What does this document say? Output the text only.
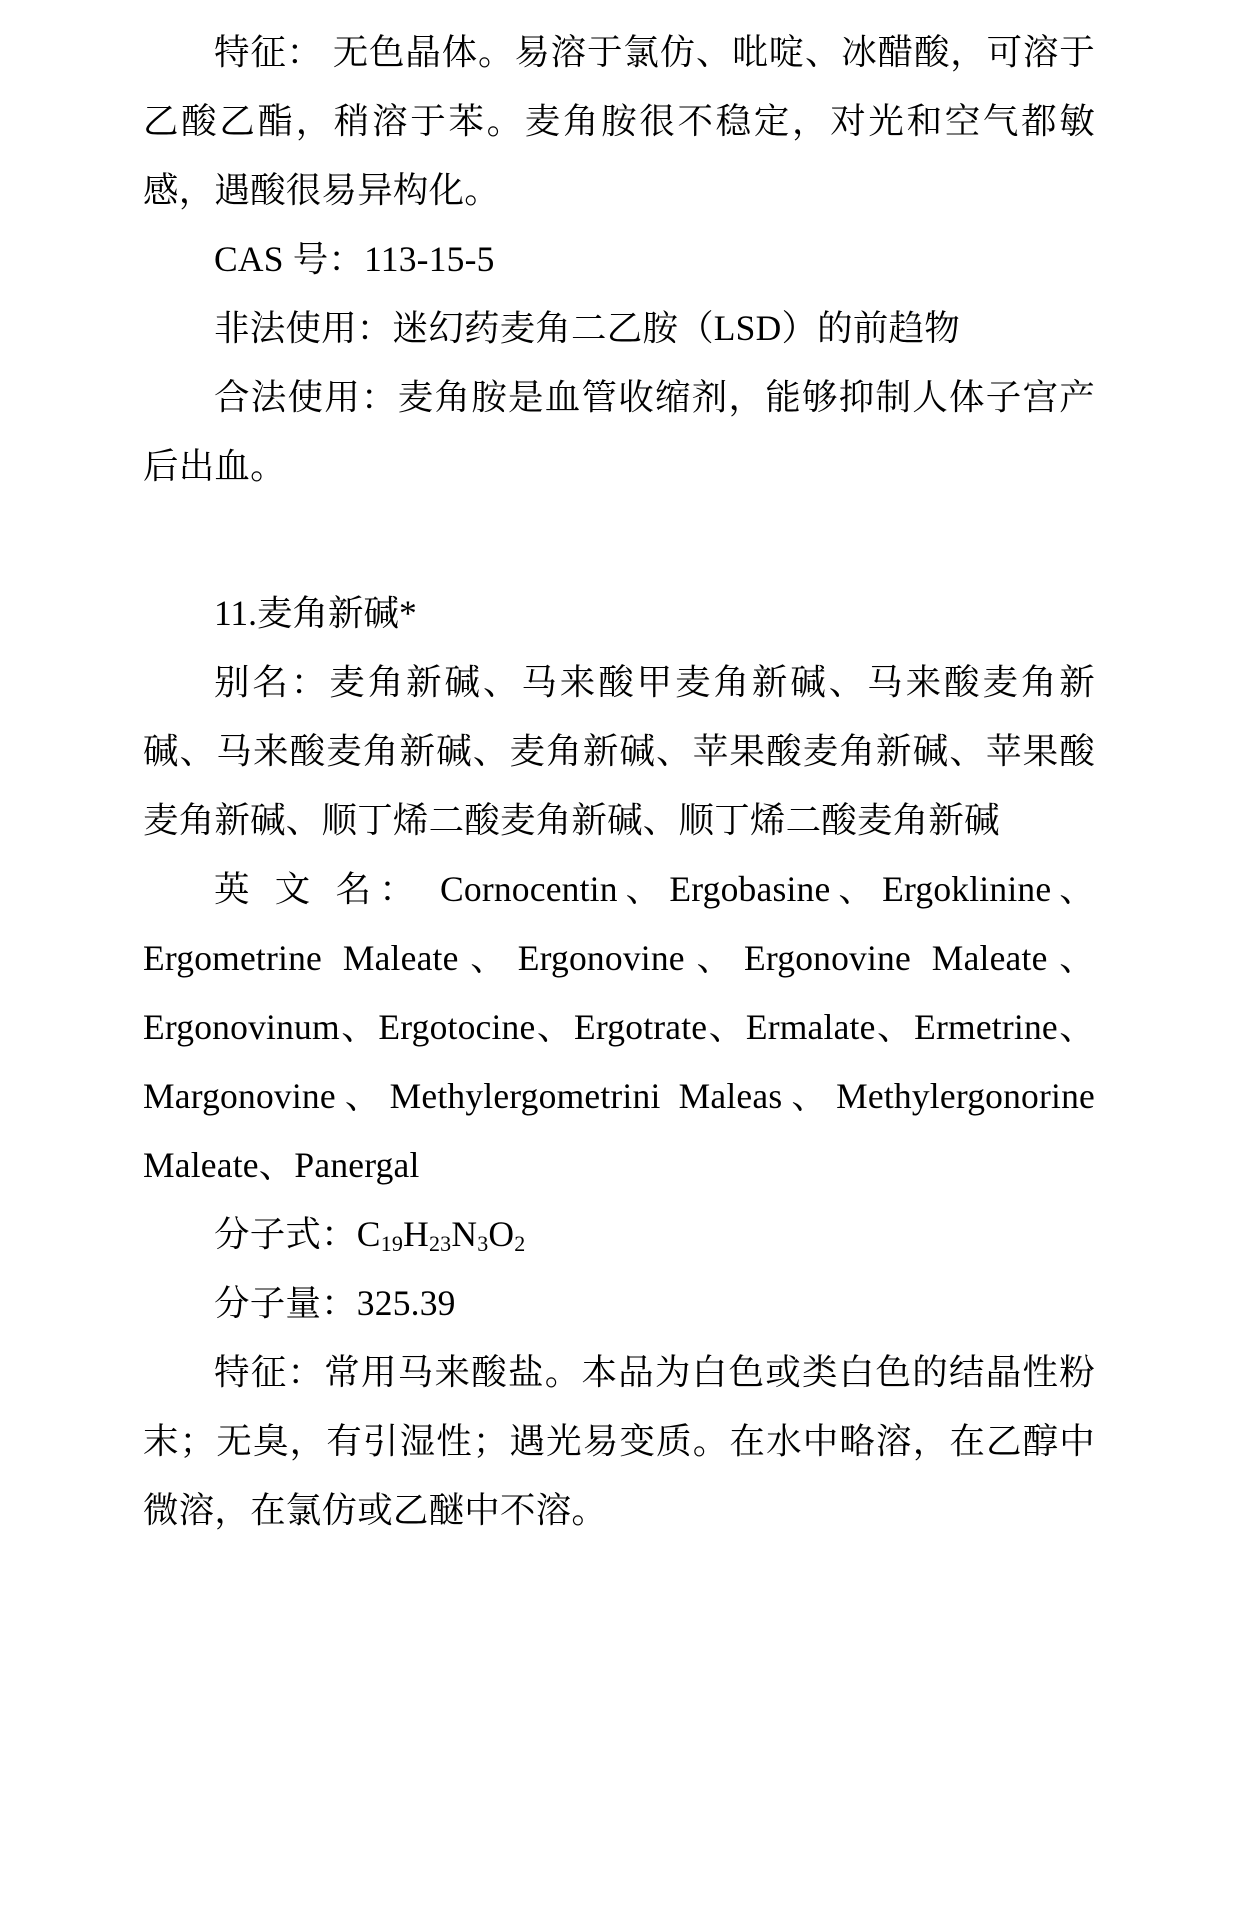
特征： 无色晶体。易溶于氯仿、吡啶、冰醋酸，可溶于乙酸乙酯，稍溶于苯。麦角胺很不稳定，对光和空气都敏感，遇酸很易异构化。

CAS 号：113-15-5

非法使用：迷幻药麦角二乙胺（LSD）的前趋物

合法使用：麦角胺是血管收缩剂，能够抑制人体子宫产后出血。

11.麦角新碱*

别名：麦角新碱、马来酸甲麦角新碱、马来酸麦角新碱、马来酸麦角新碱、麦角新碱、苹果酸麦角新碱、苹果酸麦角新碱、顺丁烯二酸麦角新碱、顺丁烯二酸麦角新碱

英 文 名： Cornocentin、Ergobasine、Ergoklinine、Ergometrine Maleate、Ergonovine、Ergonovine Maleate、Ergonovinum、Ergotocine、Ergotrate、Ermalate、Ermetrine、Margonovine、Methylergometrini Maleas、Methylergonorine Maleate、Panergal

分子式：$C_{19}H_{23}N_3O_2$

分子量：325.39

特征：常用马来酸盐。本品为白色或类白色的结晶性粉末；无臭，有引湿性；遇光易变质。在水中略溶，在乙醇中微溶，在氯仿或乙醚中不溶。
